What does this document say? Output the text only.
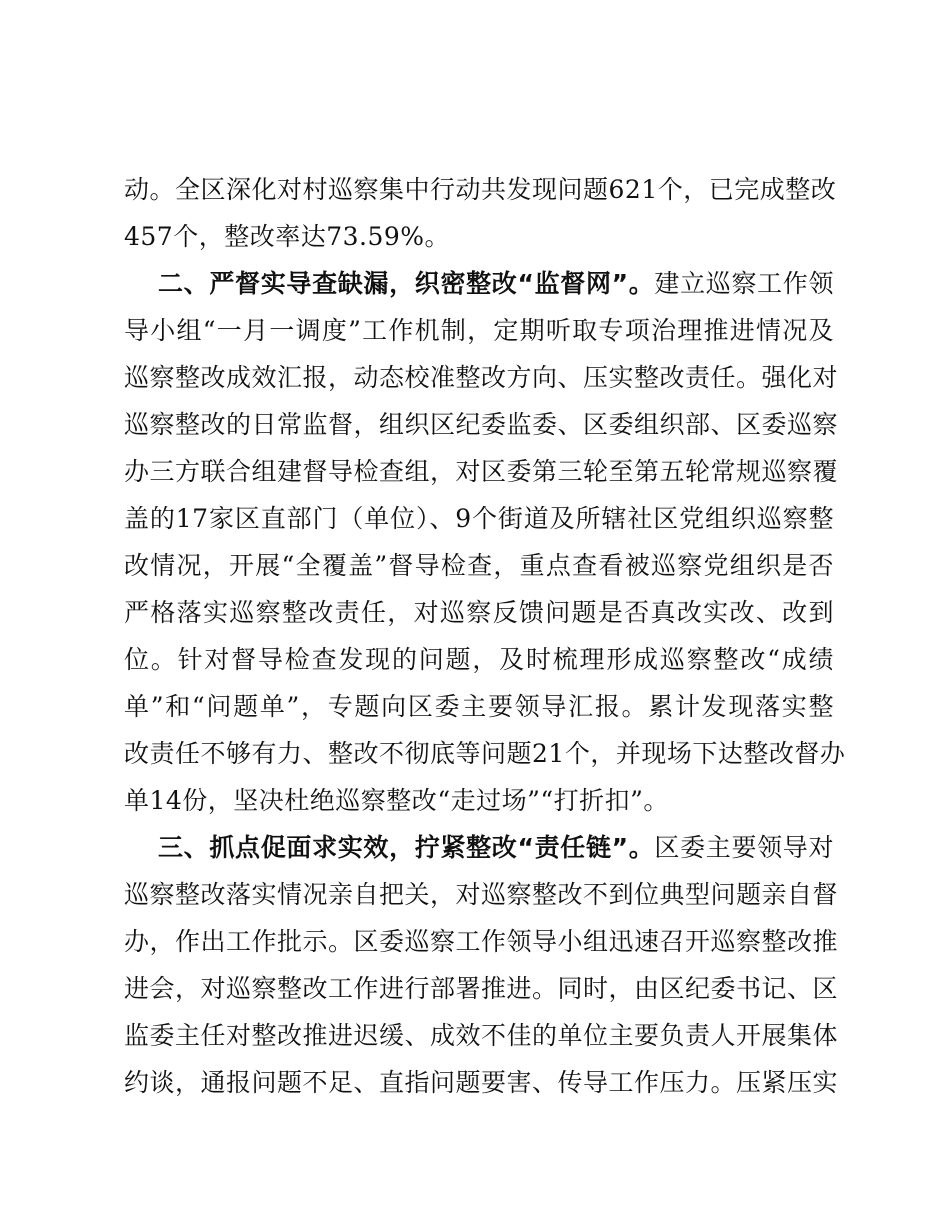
动。全区深化对村巡察集中行动共发现问题621个，已完成整改
457个，整改率达73.59%。
二、严督实导查缺漏，织密整改“监督网”。建立巡察工作领
导小组“一月一调度”工作机制，定期听取专项治理推进情况及
巡察整改成效汇报，动态校准整改方向、压实整改责任。强化对
巡察整改的日常监督，组织区纪委监委、区委组织部、区委巡察
办三方联合组建督导检查组，对区委第三轮至第五轮常规巡察覆
盖的17家区直部门（单位）、9个街道及所辖社区党组织巡察整
改情况，开展“全覆盖”督导检查，重点查看被巡察党组织是否
严格落实巡察整改责任，对巡察反馈问题是否真改实改、改到
位。针对督导检查发现的问题，及时梳理形成巡察整改“成绩
单”和“问题单”，专题向区委主要领导汇报。累计发现落实整
改责任不够有力、整改不彻底等问题21个，并现场下达整改督办
单14份，坚决杜绝巡察整改“走过场”“打折扣”。
三、抓点促面求实效，拧紧整改“责任链”。区委主要领导对
巡察整改落实情况亲自把关，对巡察整改不到位典型问题亲自督
办，作出工作批示。区委巡察工作领导小组迅速召开巡察整改推
进会，对巡察整改工作进行部署推进。同时，由区纪委书记、区
监委主任对整改推进迟缓、成效不佳的单位主要负责人开展集体
约谈，通报问题不足、直指问题要害、传导工作压力。压紧压实
